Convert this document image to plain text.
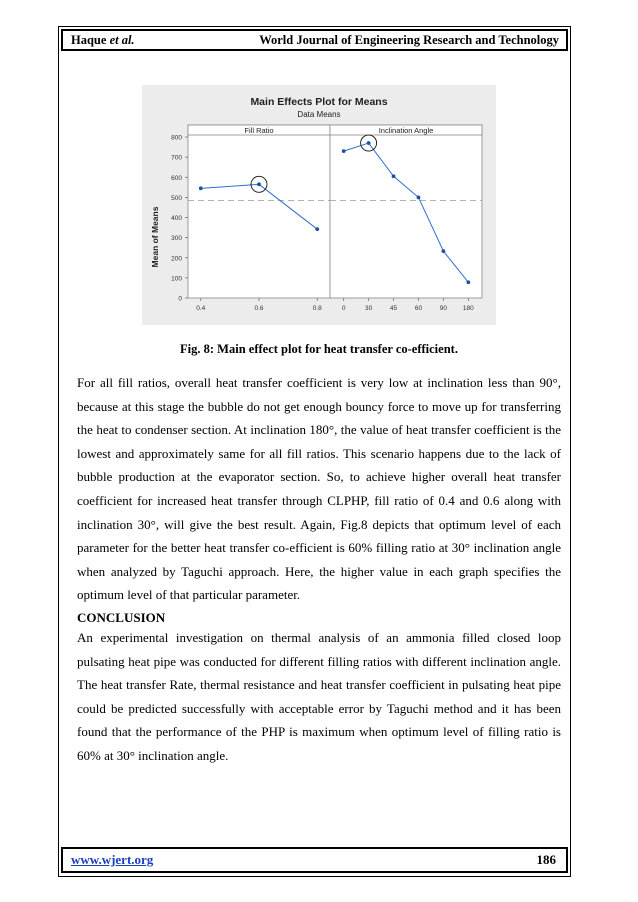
Haque et al.	World Journal of Engineering Research and Technology
Main Effects Plot for Means
Data Means
Mean of Means
Fill Ratio	Inclination Angle
0
100
200
300
400
500
600
700
800
0.4	0.6	0.8	0	30	45	60	90 180
Fig. 8: Main effect plot for heat transfer co-efficient.

For all fill ratios, overall heat transfer coefficient is very low at inclination less than 90°, because at this stage the bubble do not get enough bouncy force to move up for transferring the heat to condenser section. At inclination 180°, the value of heat transfer coefficient is the lowest and approximately same for all fill ratios. This scenario happens due to the lack of bubble production at the evaporator section. So, to achieve higher overall heat transfer coefficient for increased heat transfer through CLPHP, fill ratio of 0.4 and 0.6 along with inclination 30°, will give the best result. Again, Fig.8 depicts that optimum level of each parameter for the better heat transfer co-efficient is 60% filling ratio at 30° inclination angle when analyzed by Taguchi approach. Here, the higher value in each graph specifies the optimum level of that particular parameter.

CONCLUSION

An experimental investigation on thermal analysis of an ammonia filled closed loop pulsating heat pipe was conducted for different filling ratios with different inclination angle. The heat transfer Rate, thermal resistance and heat transfer coefficient in pulsating heat pipe could be predicted successfully with acceptable error by Taguchi method and it has been found that the performance of the PHP is maximum when optimum level of filling ratio is 60% at 30° inclination angle.

www.wjert.org	186
